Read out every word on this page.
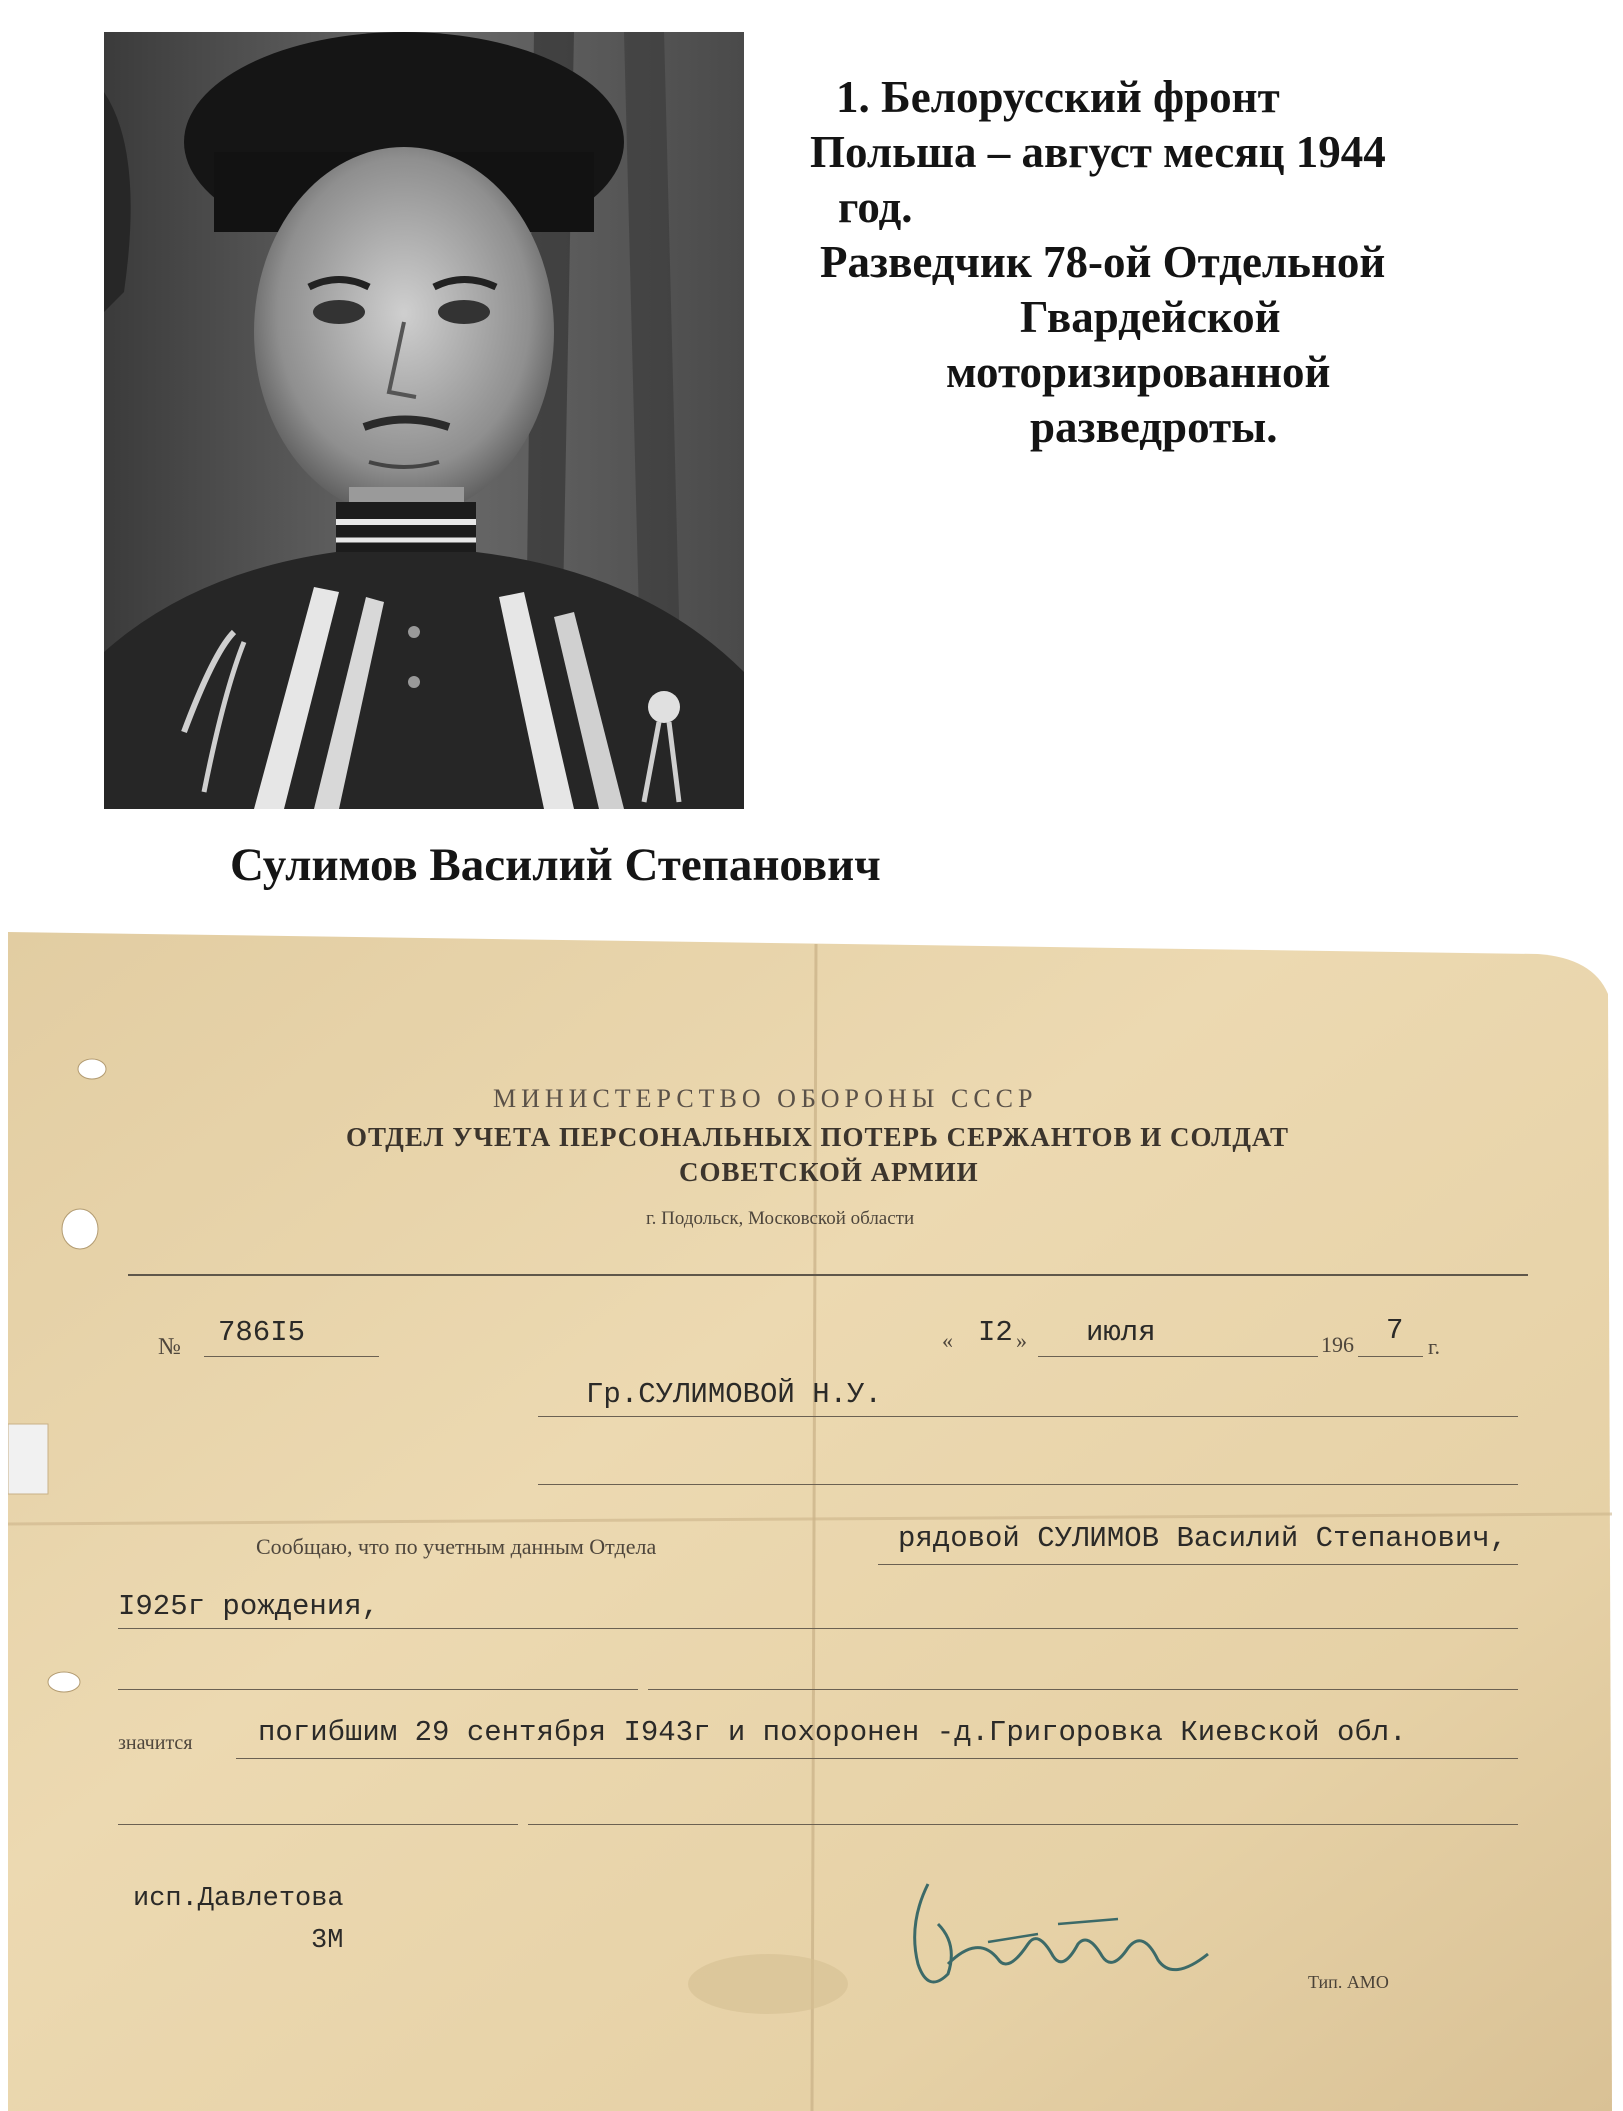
1. Белорусский фронт
Польша – август месяц 1944
год.
Разведчик 78-ой Отдельной
Гвардейской
моторизированной
разведроты.
Сулимов Василий Степанович
МИНИСТЕРСТВО ОБОРОНЫ СССР
ОТДЕЛ УЧЕТА ПЕРСОНАЛЬНЫХ ПОТЕРЬ СЕРЖАНТОВ И СОЛДАТ
СОВЕТСКОЙ АРМИИ
г. Подольск, Московской области
№ 786I5	« I2 » июля	196 7 г.
Гр.СУЛИМОВОЙ Н.У.
Сообщаю, что по учетным данным Отдела	рядовой СУЛИМОВ Василий Степанович,
I925г рождения,
значится погибшим 29 сентября I943г и похоронен -д.Григоровка Киевской обл.
исп.Давлетова
3М
Тип. АМО
